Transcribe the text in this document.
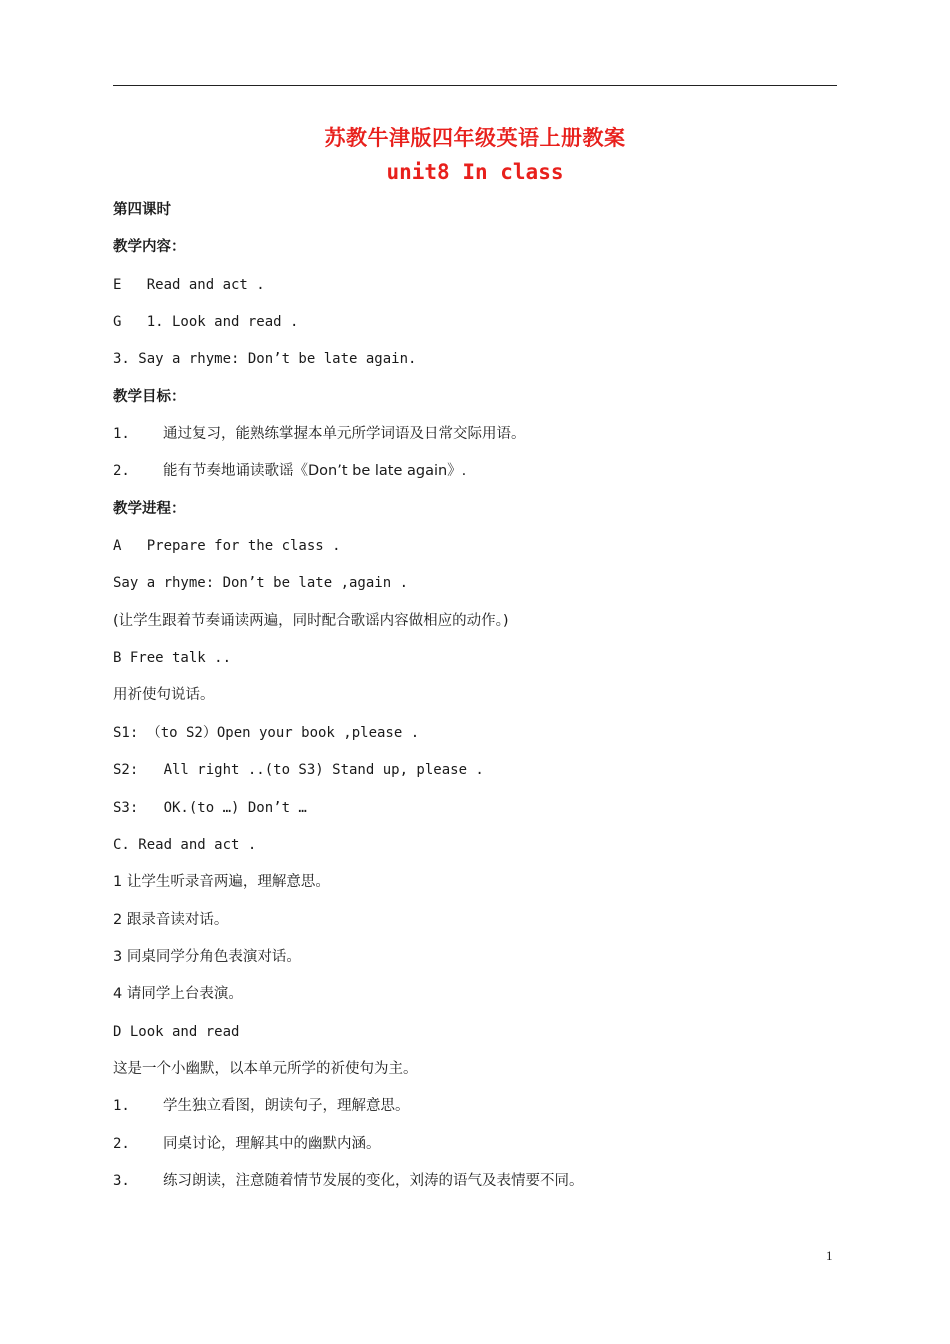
苏教牛津版四年级英语上册教案
unit8 In class
第四课时
教学内容：
E   Read and act .
G   1. Look and read .
3. Say a rhyme: Don’t be late again.
教学目标：
1. 通过复习，能熟练掌握本单元所学词语及日常交际用语。
2. 能有节奏地诵读歌谣《Don’t be late again》.
教学进程：
A   Prepare for the class .
Say a rhyme: Don’t be late ,again .
(让学生跟着节奏诵读两遍，同时配合歌谣内容做相应的动作。)
B Free talk ..
用祈使句说话。
S1: （to S2）Open your book ,please .
S2:   All right ..(to S3) Stand up, please .
S3:   OK.(to …) Don’t …
C. Read and act .
1 让学生听录音两遍，理解意思。
2 跟录音读对话。
3 同桌同学分角色表演对话。
4 请同学上台表演。
D Look and read
这是一个小幽默，以本单元所学的祈使句为主。
1. 学生独立看图，朗读句子，理解意思。
2. 同桌讨论，理解其中的幽默内涵。
3. 练习朗读，注意随着情节发展的变化，刘涛的语气及表情要不同。
1
